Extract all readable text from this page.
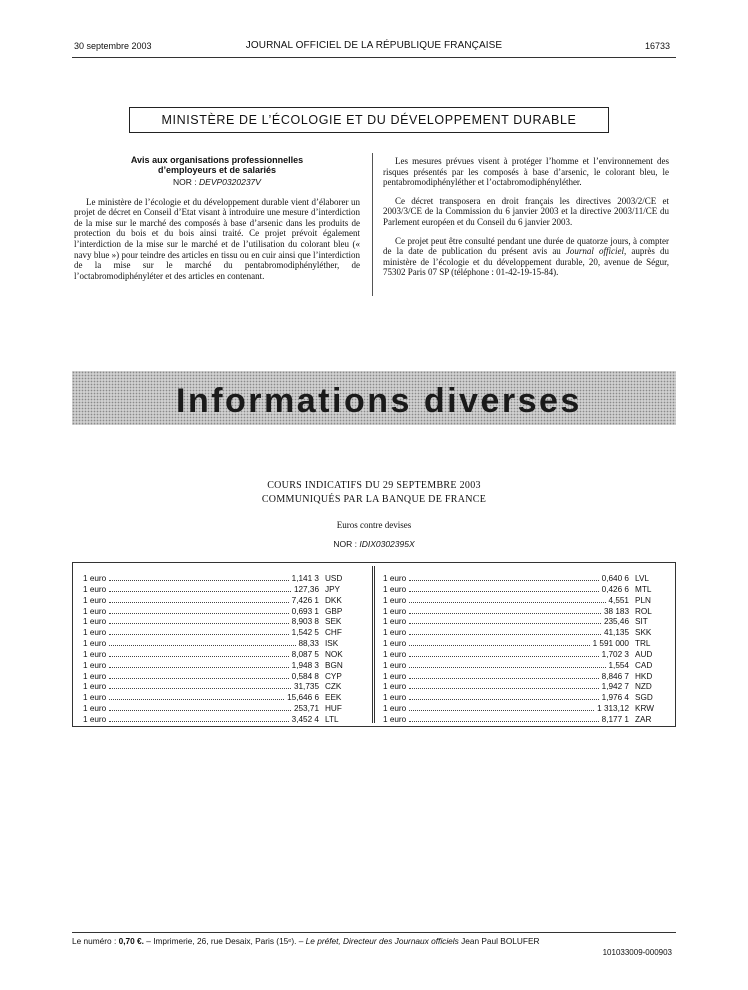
30 septembre 2003	JOURNAL OFFICIEL DE LA RÉPUBLIQUE FRANÇAISE	16733
MINISTÈRE DE L’ÉCOLOGIE ET DU DÉVELOPPEMENT DURABLE
Avis aux organisations professionnelles
d’employeurs et de salariés
NOR : DEVP0320237V

Le ministère de l’écologie et du développement durable vient d’élaborer un projet de décret en Conseil d’Etat visant à introduire une mesure d’interdiction de la mise sur le marché des composés à base d’arsenic dans les produits de protection du bois et du bois ainsi traité. Ce projet prévoit également l’interdiction de la mise sur le marché et de l’utilisation du colorant bleu (« navy blue ») pour teindre des articles en tissu ou en cuir ainsi que l’interdiction de la mise sur le marché du pentabromodiphényléther, de l’octabromodiphényléter et des articles en contenant.

Les mesures prévues visent à protéger l’homme et l’environnement des risques présentés par les composés à base d’arsenic, le colorant bleu, le pentabromodiphényléther et l’octabromodiphényléther.

Ce décret transposera en droit français les directives 2003/2/CE et 2003/3/CE de la Commission du 6 janvier 2003 et la directive 2003/11/CE du Parlement européen et du Conseil du 6 janvier 2003.

Ce projet peut être consulté pendant une durée de quatorze jours, à compter de la date de publication du présent avis au Journal officiel, auprès du ministère de l’écologie et du développement durable, 20, avenue de Ségur, 75302 Paris 07 SP (téléphone : 01-42-19-15-84).

Informations diverses
COURS INDICATIFS DU 29 SEPTEMBRE 2003
COMMUNIQUÉS PAR LA BANQUE DE FRANCE
Euros contre devises
NOR : IDIX0302395X
1 euro	1,141 3 USD
1 euro	127,36 JPY
1 euro	7,426 1 DKK
1 euro	0,693 1 GBP
1 euro	8,903 8 SEK
1 euro	1,542 5 CHF
1 euro	88,33 ISK
1 euro	8,087 5 NOK
1 euro	1,948 3 BGN
1 euro	0,584 8 CYP
1 euro	31,735 CZK
1 euro	15,646 6 EEK
1 euro	253,71 HUF
1 euro	3,452 4 LTL
1 euro	0,640 6 LVL
1 euro	0,426 6 MTL
1 euro	4,551 PLN
1 euro	38 183 ROL
1 euro	235,46 SIT
1 euro	41,135 SKK
1 euro	1 591 000 TRL
1 euro	1,702 3 AUD
1 euro	1,554 CAD
1 euro	8,846 7 HKD
1 euro	1,942 7 NZD
1 euro	1,976 4 SGD
1 euro	1 313,12 KRW
1 euro	8,177 1 ZAR
Le numéro : 0,70 €. – Imprimerie, 26, rue Desaix, Paris (15ᵉ). – Le préfet, Directeur des Journaux officiels Jean Paul BOLUFER
101033009-000903
